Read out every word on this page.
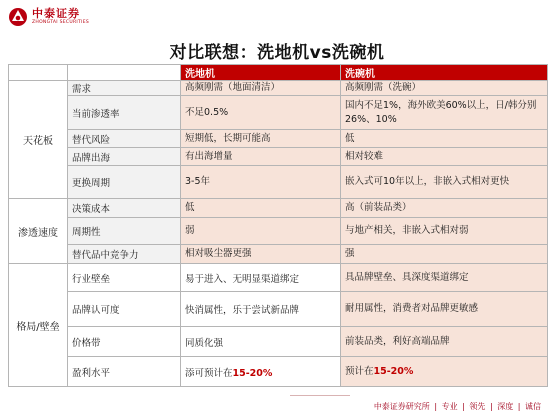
中泰证券
ZHONGTAI SECURITIES
对比联想：洗地机vs洗碗机
		洗地机	洗碗机
天花板	需求	高频刚需（地面清洁）	高频刚需（洗碗）
	当前渗透率	不足0.5%	国内不足1%，海外欧美60%以上，日/韩分别26%、10%
	替代风险	短期低，长期可能高	低
	品牌出海	有出海增量	相对较难
	更换周期	3-5年	嵌入式可10年以上，非嵌入式相对更快
渗透速度	决策成本	低	高（前装品类）
	周期性	弱	与地产相关，非嵌入式相对弱
	替代品中竞争力	相对吸尘器更强	强
格局/壁垒	行业壁垒	易于进入、无明显渠道绑定	具品牌壁垒、具深度渠道绑定
	品牌认可度	快消属性，乐于尝试新品牌	耐用属性，消费者对品牌更敏感
	价格带	同质化强	前装品类，利好高端品牌
	盈利水平	添可预计在15-20%	预计在15-20%
中泰证券研究所 | 专业 | 领先 | 深度 | 诚信
